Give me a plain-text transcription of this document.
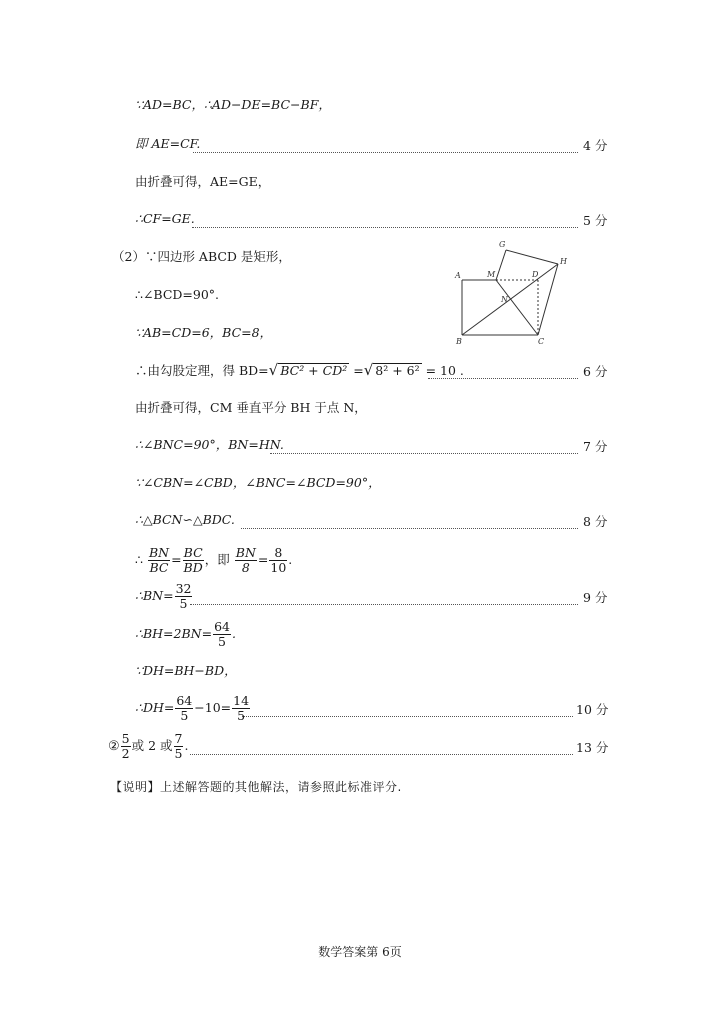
∵AD=BC，∴AD−DE=BC−BF，
即 AE=CF.	4 分
由折叠可得，AE=GE，
∴CF=GE.	5 分
（2）∵四边形 ABCD 是矩形，
A
B	C
D
G
H
M
N
∴∠BCD=90°.
∵AB=CD=6，BC=8，
∴由勾股定理，得 BD=√ BC² + CD² =√ 8² + 6² = 10 .	6 分
由折叠可得，CM 垂直平分 BH 于点 N，
∴∠BNC=90°，BN=HN.	7 分
∵∠CBN=∠CBD，∠BNC=∠BCD=90°，
∴△BCN∽△BDC.	8 分
∴ $\frac{BN}{BC} = \frac{BC}{BD}$ ，即 $\frac{BN}{8} = \frac{8}{10}$ .
∴BN= $\frac{32}{5}$	9 分
∴BH=2BN= $\frac{64}{5}$ .
∵DH=BH−BD，
∴DH= $\frac{64}{5} -10= \frac{14}{5}$	10 分
② $\frac{5}{2}$ 或 2 或 $\frac{7}{5}$ .	13 分
【说明】上述解答题的其他解法，请参照此标准评分.
数学答案第 6页
